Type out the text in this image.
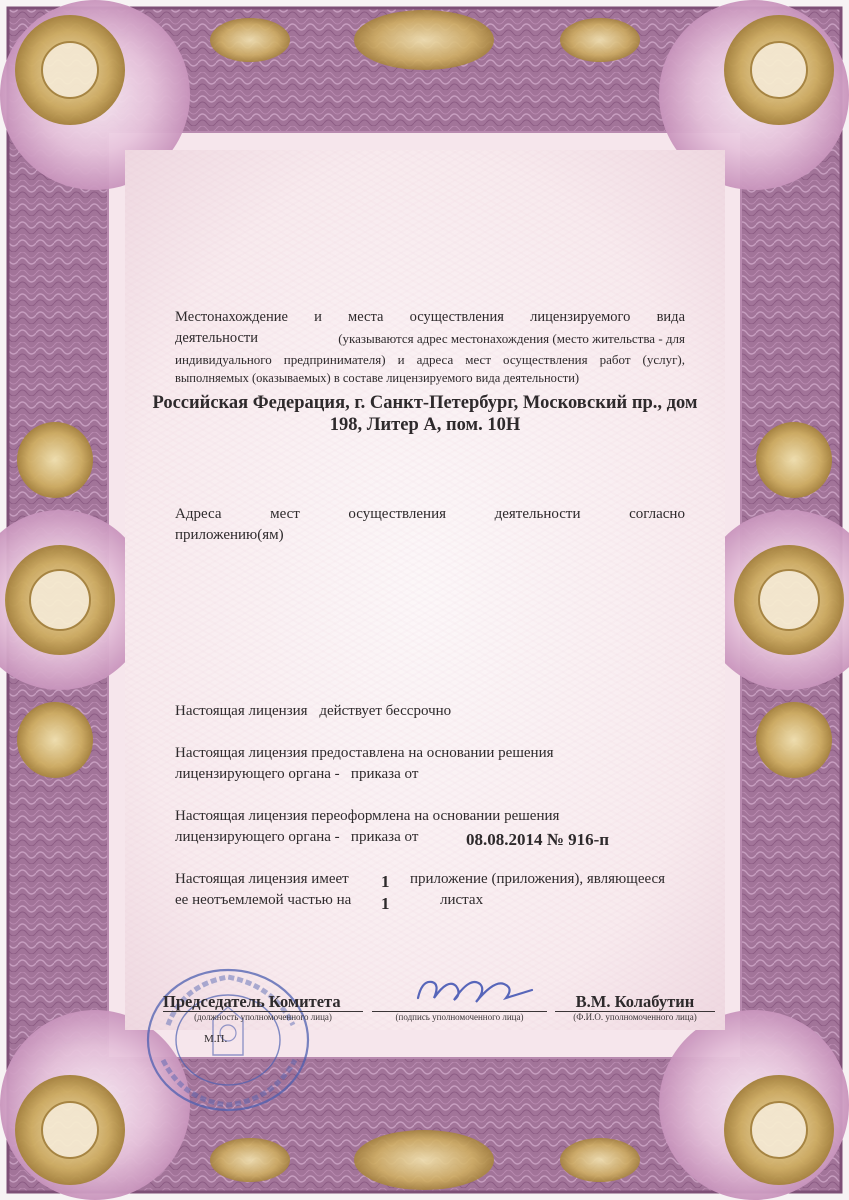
Местонахождение и места осуществления лицензируемого вида
деятельности	(указываются адрес местонахождения (место жительства - для
индивидуального предпринимателя) и адреса мест осуществления работ (услуг),
выполняемых (оказываемых) в составе лицензируемого вида деятельности)
Российская Федерация, г. Санкт-Петербург, Московский пр., дом
198, Литер А, пом. 10Н
Адреса	мест	осуществления	деятельности	согласно
приложению(ям)
Настоящая лицензия действует бессрочно
Настоящая лицензия предоставлена на основании решения
лицензирующего органа -   приказа от
Настоящая лицензия переоформлена на основании решения
лицензирующего органа -   приказа от	08.08.2014 № 916-п
Настоящая лицензия имеет 1 приложение (приложения), являющееся
ее неотъемлемой частью на 1	листах
Председатель Комитета
(должность уполномоченного лица)	(подпись уполномоченного лица)
В.М. Колабутин
(Ф.И.О. уполномоченного лица)
М.П.
